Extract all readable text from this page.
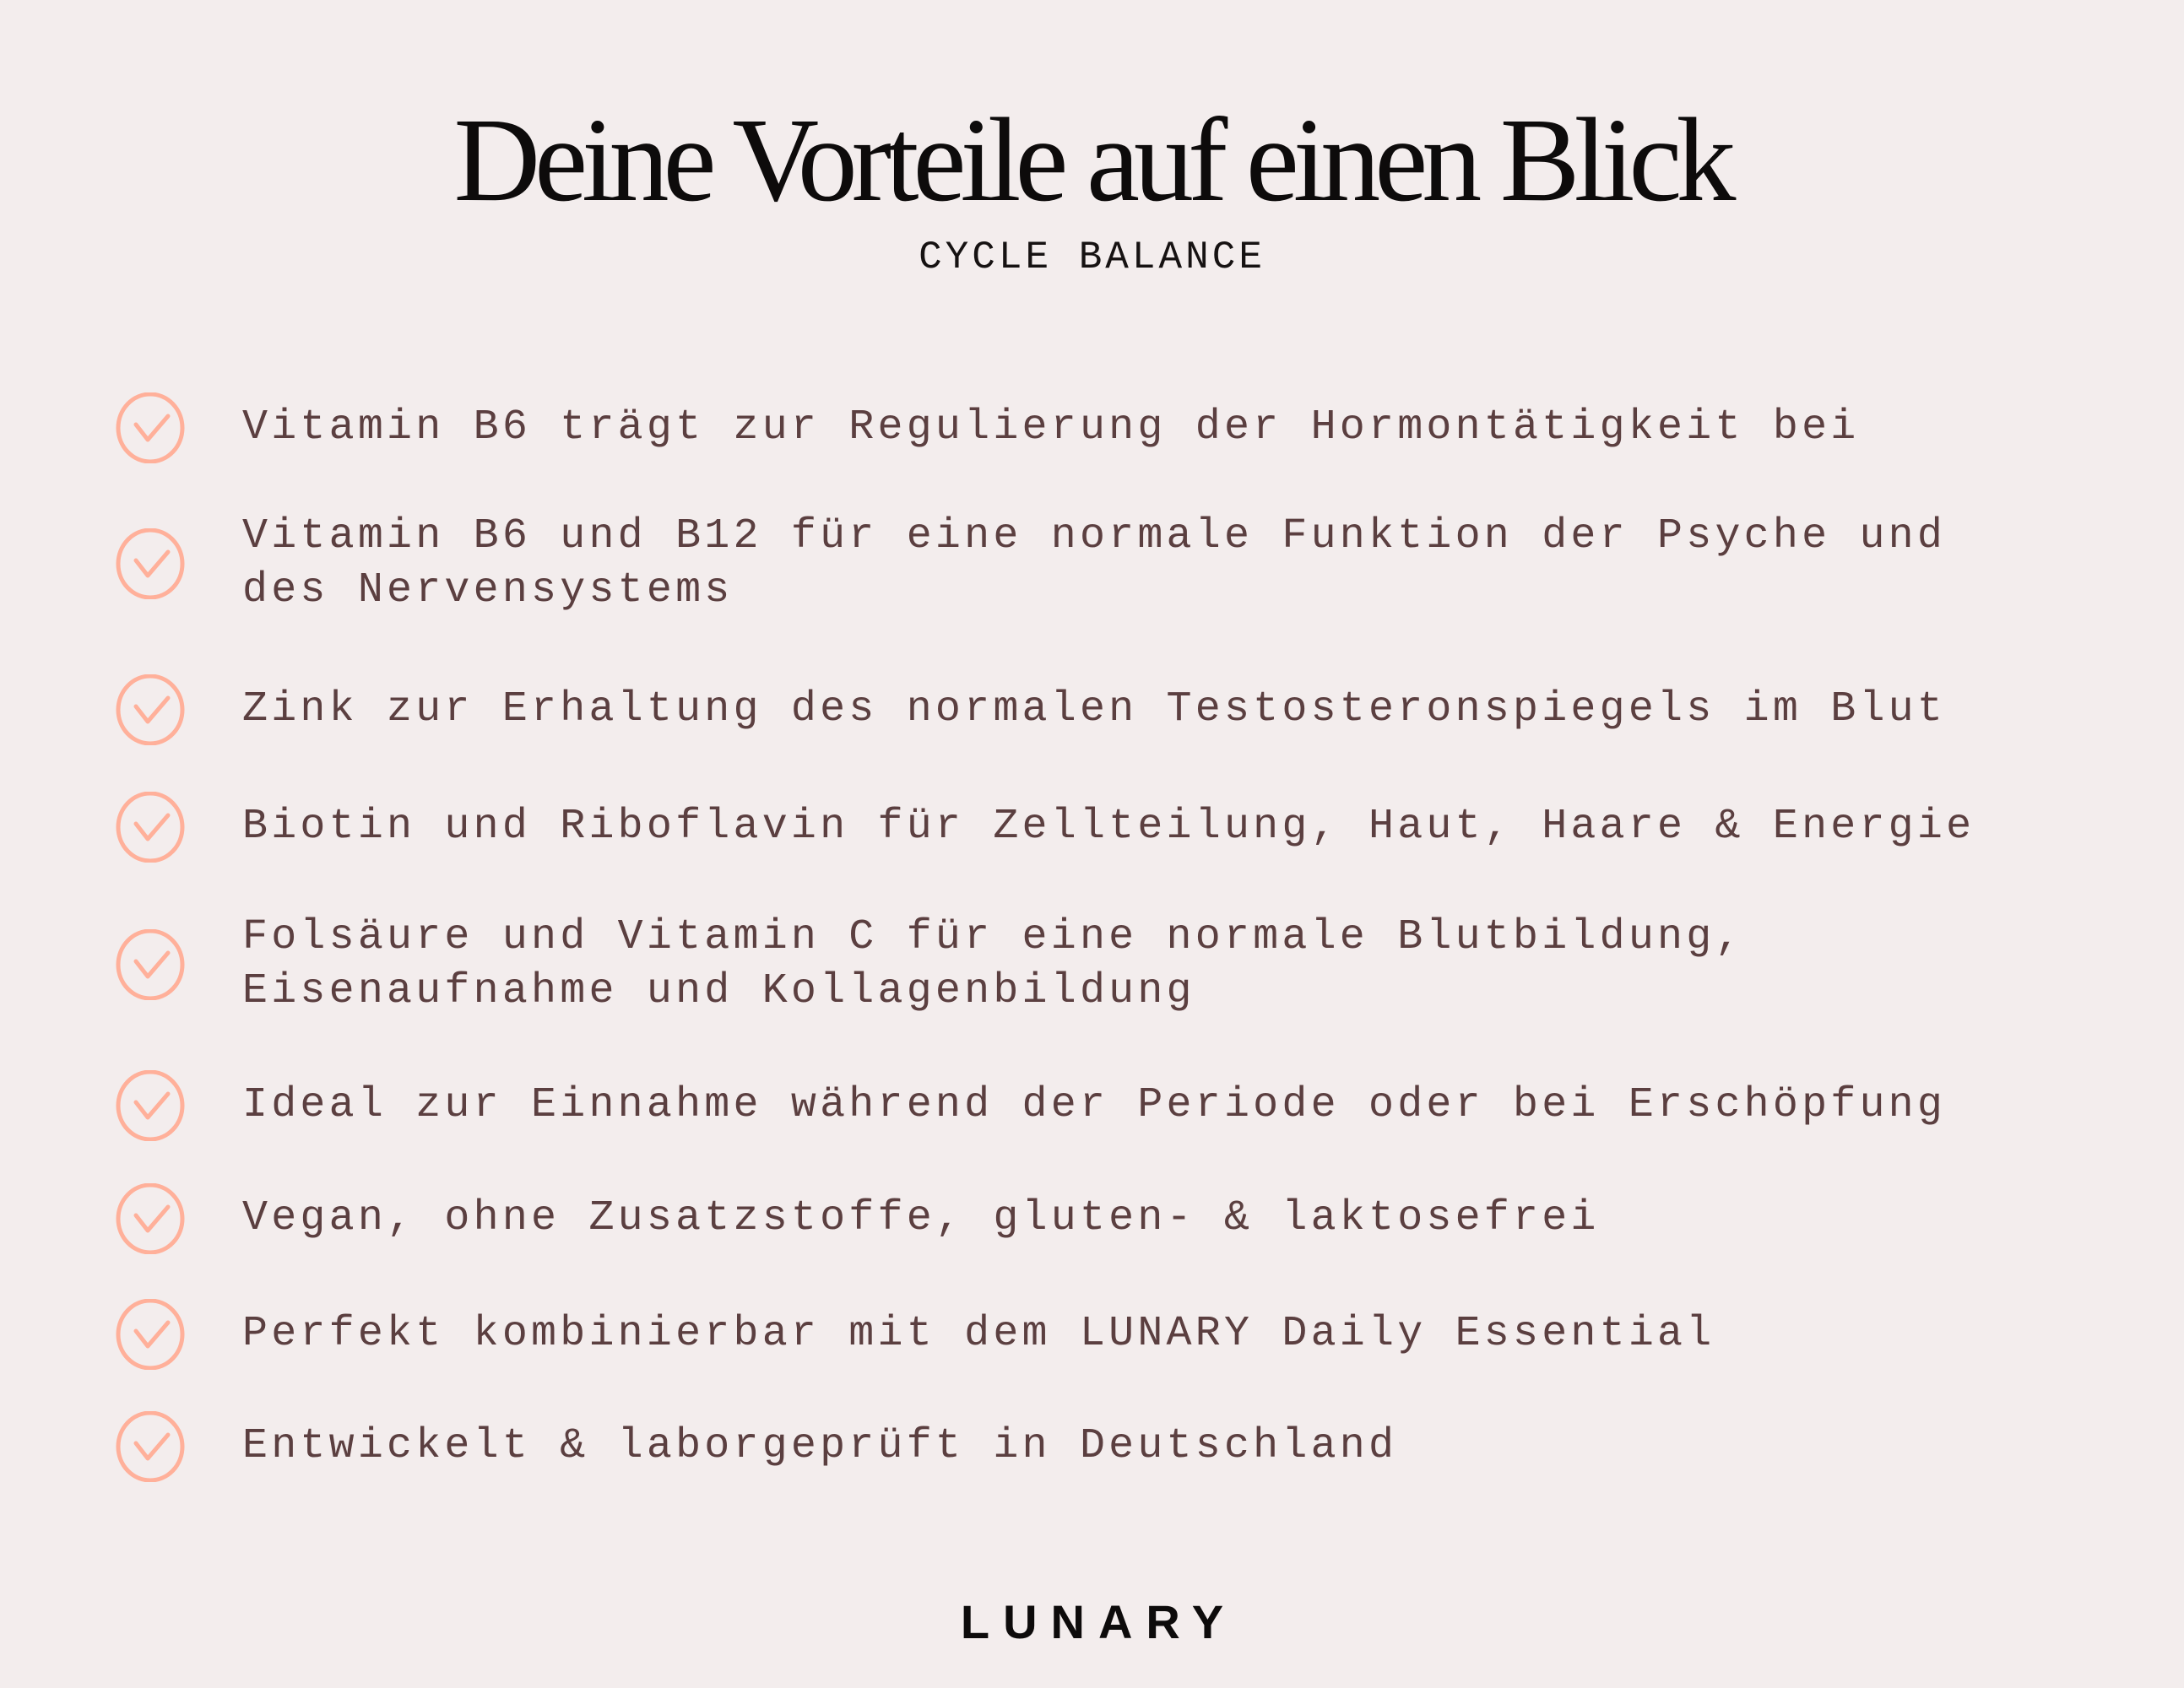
Deine Vorteile auf einen Blick
CYCLE BALANCE
Vitamin B6 trägt zur Regulierung der Hormontätigkeit bei
Vitamin B6 und B12 für eine normale Funktion der Psyche und
des Nervensystems
Zink zur Erhaltung des normalen Testosteronspiegels im Blut
Biotin und Riboflavin für Zellteilung, Haut, Haare & Energie
Folsäure und Vitamin C für eine normale Blutbildung,
Eisenaufnahme und Kollagenbildung
Ideal zur Einnahme während der Periode oder bei Erschöpfung
Vegan, ohne Zusatzstoffe, gluten- & laktosefrei
Perfekt kombinierbar mit dem LUNARY Daily Essential
Entwickelt & laborgeprüft in Deutschland
LUNARY
